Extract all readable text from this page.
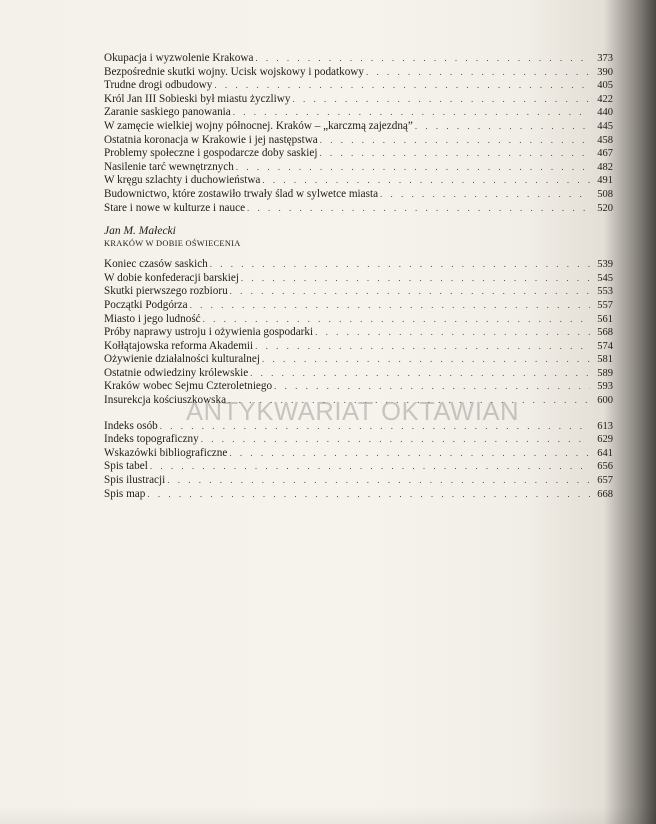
Okupacja i wyzwolenie Krakowa . . .	373
Bezpośrednie skutki wojny. Ucisk wojskowy i podatkowy . . .	390
Trudne drogi odbudowy . . .	405
Król Jan III Sobieski był miastu życzliwy . . .	422
Zaranie saskiego panowania . . .	440
W zamęcie wielkiej wojny północnej. Kraków – „karczmą zajezdną” . . .	445
Ostatnia koronacja w Krakowie i jej następstwa . . .	458
Problemy społeczne i gospodarcze doby saskiej . . .	467
Nasilenie tarć wewnętrznych . . .	482
W kręgu szlachty i duchowieństwa . . .	491
Budownictwo, które zostawiło trwały ślad w sylwetce miasta . . .	508
Stare i nowe w kulturze i nauce . . .	520
Jan M. Małecki
KRAKÓW W DOBIE OŚWIECENIA
Koniec czasów saskich . . .	539
W dobie konfederacji barskiej . . .	545
Skutki pierwszego rozbioru . . .	553
Początki Podgórza . . .	557
Miasto i jego ludność . . .	561
Próby naprawy ustroju i ożywienia gospodarki . . .	568
Kołłątajowska reforma Akademii . . .	574
Ożywienie działalności kulturalnej . . .	581
Ostatnie odwiedziny królewskie . . .	589
Kraków wobec Sejmu Czteroletniego . . .	593
Insurekcja kościuszkowska . . .	600
Indeks osób . . .	613
Indeks topograficzny . . .	629
Wskazówki bibliograficzne . . .	641
Spis tabel . . .	656
Spis ilustracji . . .	657
Spis map . . .	668
ANTYKWARIAT OKTAWIAN
